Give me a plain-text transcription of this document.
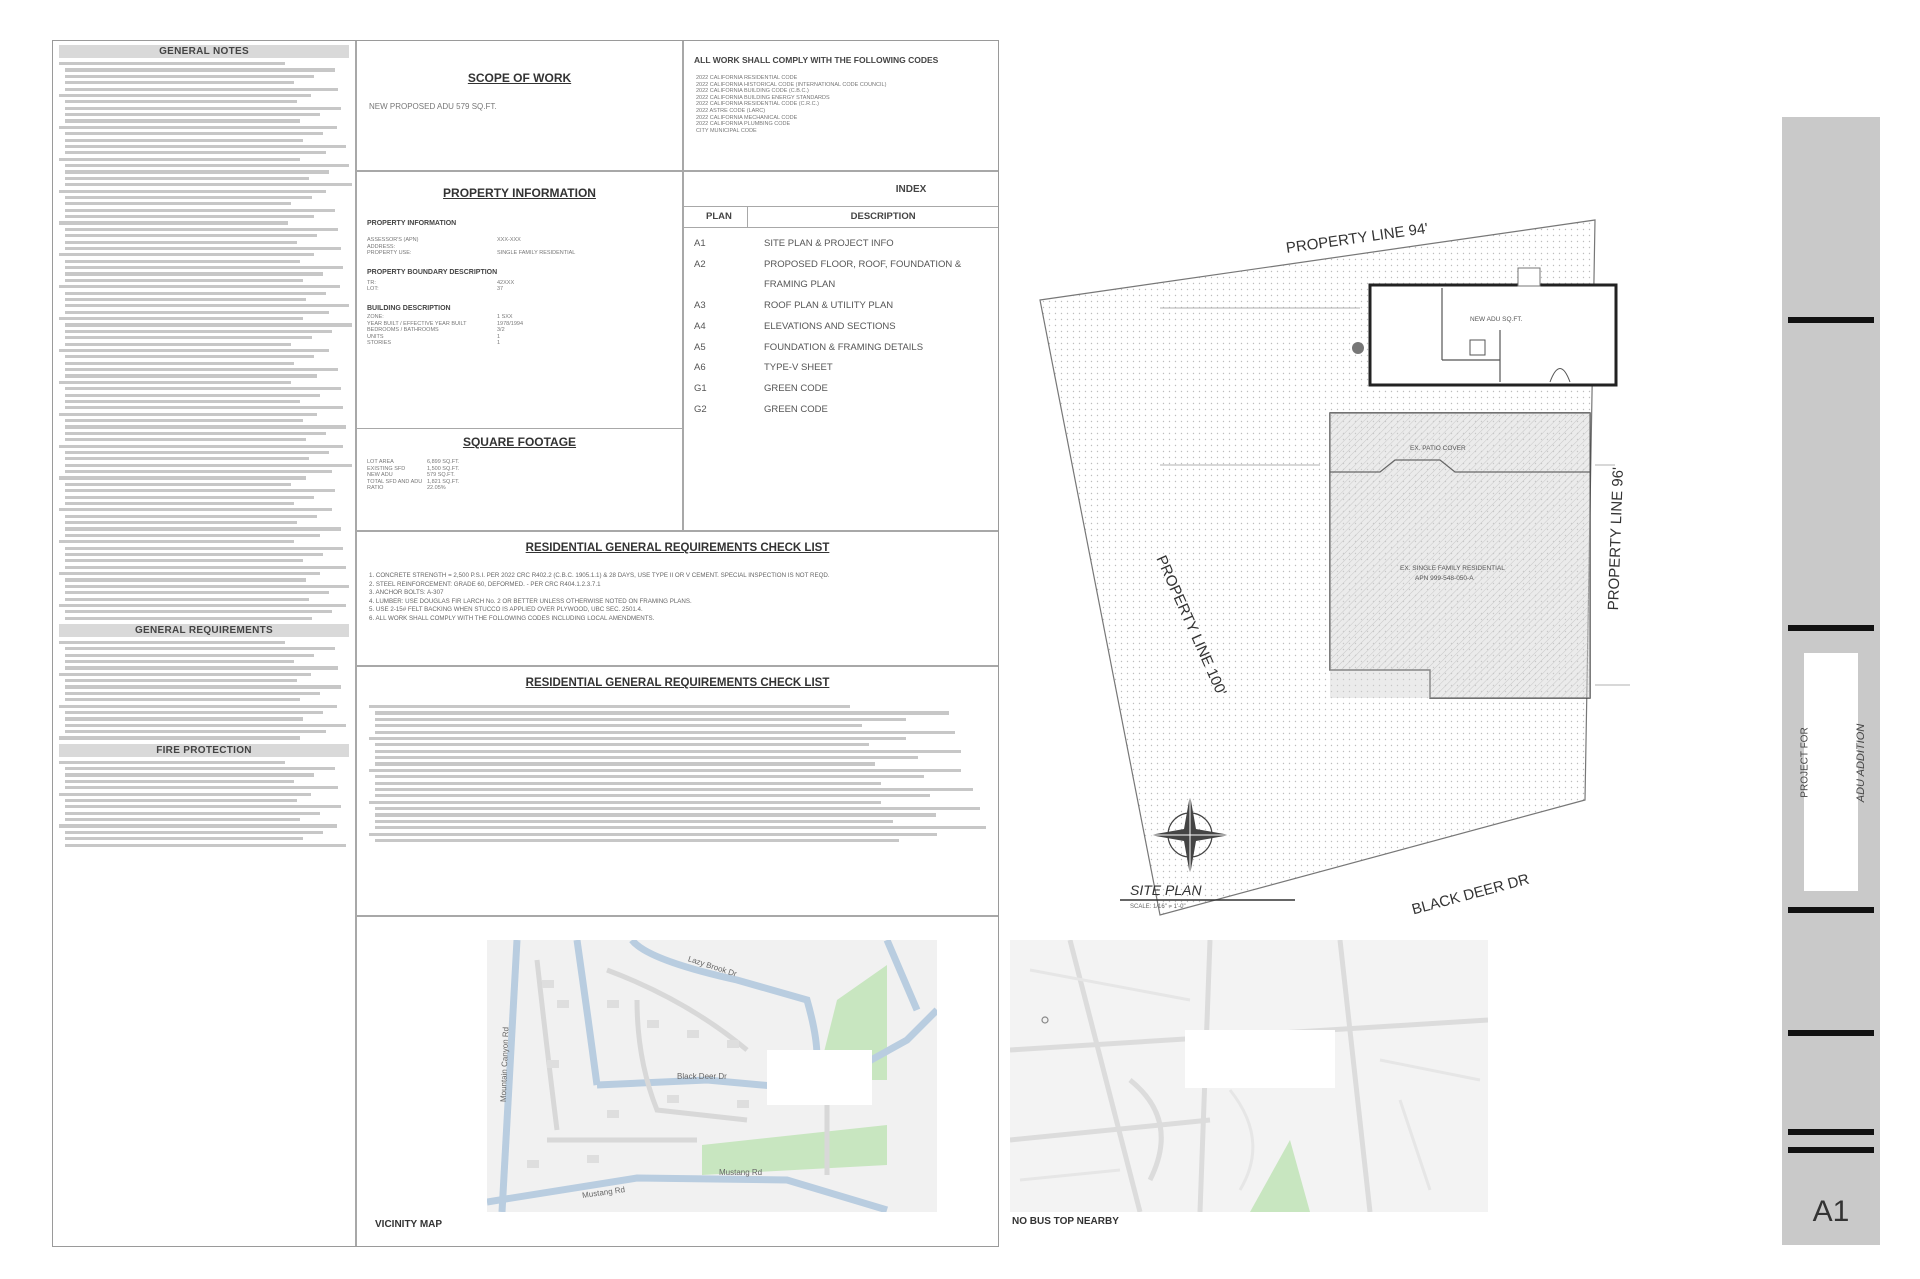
GENERAL NOTES
GENERAL REQUIREMENTS
FIRE PROTECTION
SCOPE OF WORK
NEW PROPOSED ADU 579 SQ.FT.
ALL WORK SHALL COMPLY WITH THE FOLLOWING CODES
2022 CALIFORNIA RESIDENTIAL CODE
2022 CALIFORNIA HISTORICAL CODE (INTERNATIONAL CODE COUNCIL)
2022 CALIFORNIA BUILDING CODE (C.B.C.)
2022 CALIFORNIA BUILDING ENERGY STANDARDS
2022 CALIFORNIA RESIDENTIAL CODE (C.R.C.)
2022 ASTRE CODE (LARC)
2022 CALIFORNIA MECHANICAL CODE
2022 CALIFORNIA PLUMBING CODE
CITY MUNICIPAL CODE
PROPERTY INFORMATION
PROPERTY INFORMATION
ASSESSOR'S (APN)	XXX-XXX
ADDRESS:
PROPERTY USE:	SINGLE FAMILY RESIDENTIAL
PROPERTY BOUNDARY DESCRIPTION
TR:	42XXX
LOT:	37
BUILDING DESCRIPTION
ZONE:	1 SXX
YEAR BUILT / EFFECTIVE YEAR BUILT	1978/1994
BEDROOMS / BATHROOMS	3/2
UNITS	1
STORIES	1
SQUARE FOOTAGE
LOT AREA	6,899 SQ.FT.
EXISTING SFD	1,500 SQ.FT.
NEW ADU	579 SQ.FT.
TOTAL SFD AND ADU 1,821 SQ.FT.
RATIO	22.05%
INDEX
PLAN	DESCRIPTION
A1	SITE PLAN & PROJECT INFO
A2	PROPOSED FLOOR, ROOF, FOUNDATION &
FRAMING PLAN
A3	ROOF PLAN & UTILITY PLAN
A4	ELEVATIONS AND SECTIONS
A5	FOUNDATION & FRAMING DETAILS
A6	TYPE-V SHEET
G1	GREEN CODE
G2	GREEN CODE
RESIDENTIAL GENERAL REQUIREMENTS CHECK LIST
1. CONCRETE STRENGTH = 2,500 P.S.I. PER 2022 CRC R402.2 (C.B.C. 1905.1.1) & 28 DAYS, USE TYPE II OR V CEMENT. SPECIAL INSPECTION IS NOT REQD.
2. STEEL REINFORCEMENT: GRADE 60, DEFORMED. - PER CRC R404.1.2.3.7.1
3. ANCHOR BOLTS: A-307
4. LUMBER: USE DOUGLAS FIR LARCH No. 2 OR BETTER UNLESS OTHERWISE NOTED ON FRAMING PLANS.
5. USE 2-15# FELT BACKING WHEN STUCCO IS APPLIED OVER PLYWOOD, UBC SEC. 2501.4.
6. ALL WORK SHALL COMPLY WITH THE FOLLOWING CODES INCLUDING LOCAL AMENDMENTS.
RESIDENTIAL GENERAL REQUIREMENTS CHECK LIST
VICINITY MAP
Lazy Brook Dr
Black Deer Dr
Mustang Rd
Mustang Rd
Mountain Canyon Rd
NO BUS TOP NEARBY
PROPERTY LINE 94'
PROPERTY LINE 96'
PROPERTY LINE 100'
BLACK DEER DR
NEW ADU SQ.FT.
EX. PATIO COVER
EX. SINGLE FAMILY RESIDENTIAL
APN 999-548-050-A
SITE PLAN
SCALE: 1/16" = 1'-0"
PROJECT FOR	ADU ADDITION
A1
